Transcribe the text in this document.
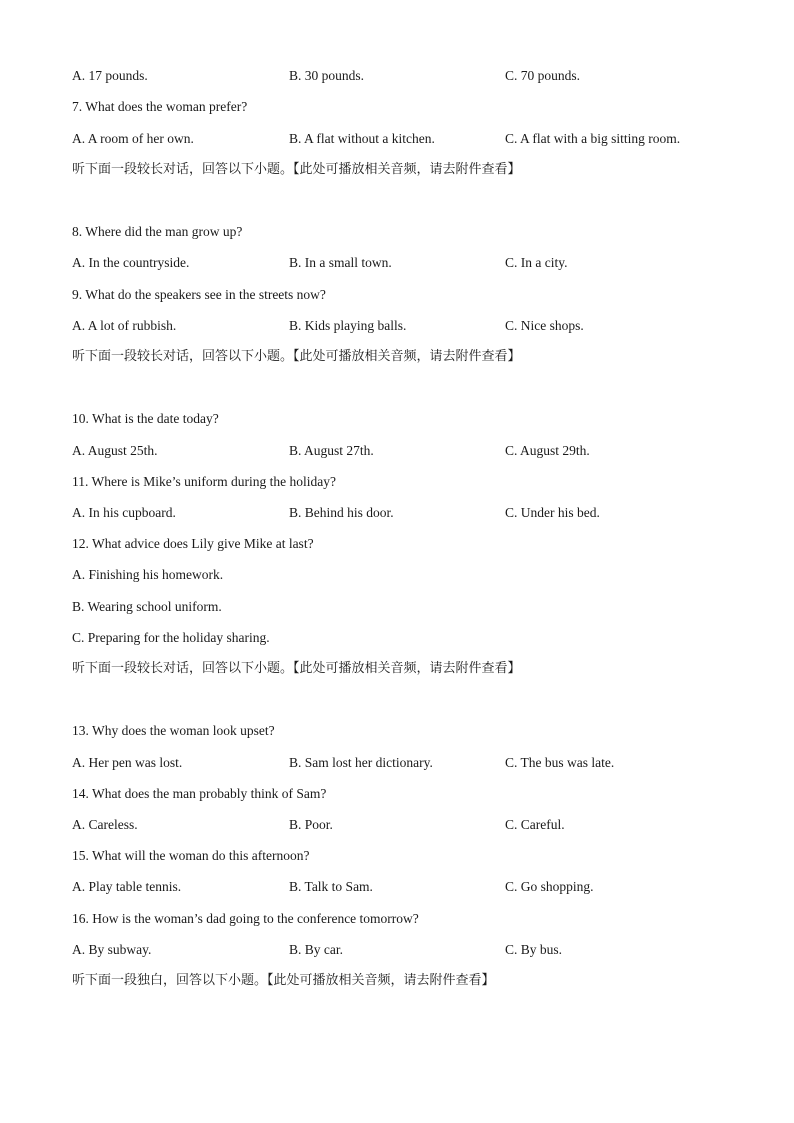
A. 17 pounds.	B. 30 pounds.	C. 70 pounds.
7. What does the woman prefer?
A. A room of her own.	B. A flat without a kitchen.	C. A flat with a big sitting room.
听下面一段较长对话，回答以下小题。【此处可播放相关音频，请去附件查看】
8. Where did the man grow up?
A. In the countryside.	B. In a small town.	C. In a city.
9. What do the speakers see in the streets now?
A. A lot of rubbish.	B. Kids playing balls.	C. Nice shops.
听下面一段较长对话，回答以下小题。【此处可播放相关音频，请去附件查看】
10. What is the date today?
A. August 25th.	B. August 27th.	C. August 29th.
11. Where is Mike’s uniform during the holiday?
A. In his cupboard.	B. Behind his door.	C. Under his bed.
12. What advice does Lily give Mike at last?
A. Finishing his homework.
B. Wearing school uniform.
C. Preparing for the holiday sharing.
听下面一段较长对话，回答以下小题。【此处可播放相关音频，请去附件查看】
13. Why does the woman look upset?
A. Her pen was lost.	B. Sam lost her dictionary.	C. The bus was late.
14. What does the man probably think of Sam?
A. Careless.	B. Poor.	C. Careful.
15. What will the woman do this afternoon?
A. Play table tennis.	B. Talk to Sam.	C. Go shopping.
16. How is the woman’s dad going to the conference tomorrow?
A. By subway.	B. By car.	C. By bus.
听下面一段独白，回答以下小题。【此处可播放相关音频，请去附件查看】
